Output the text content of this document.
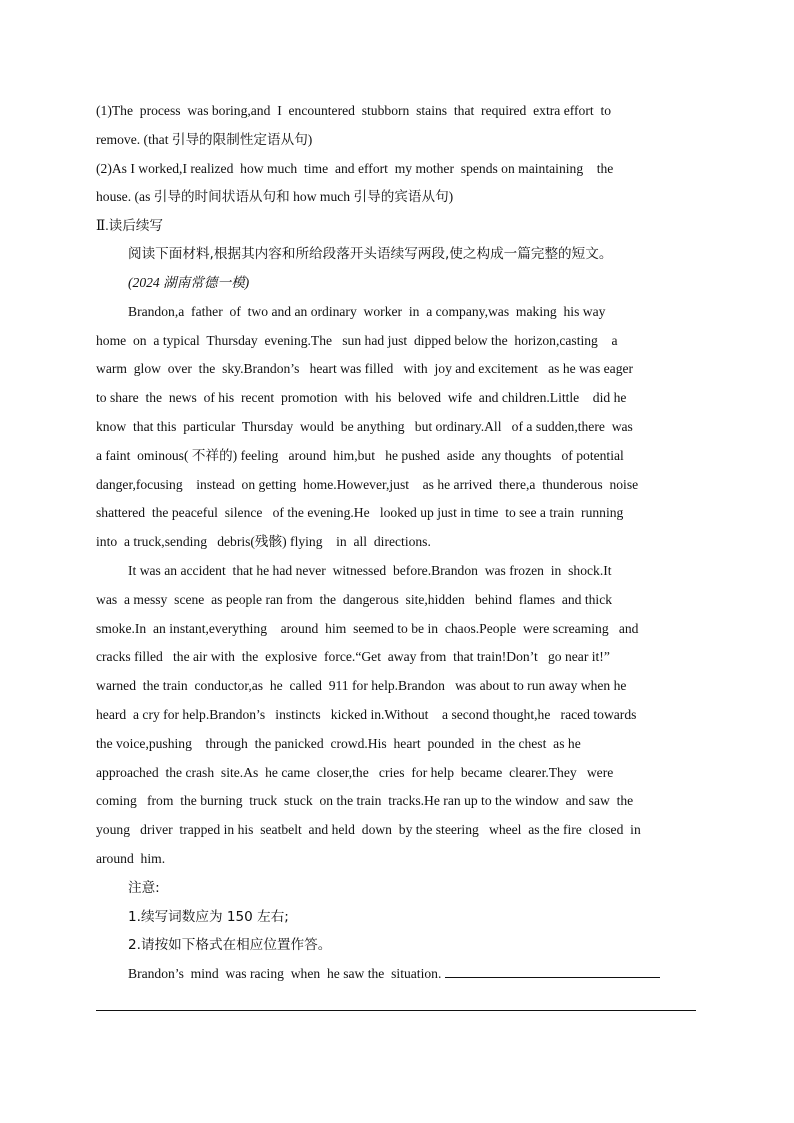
(1)The  process  was boring,and  I  encountered  stubborn  stains  that  required  extra effort  to

remove. (that 引导的限制性定语从句)

(2)As I worked,I realized  how much  time  and effort  my mother  spends on maintaining    the

house. (as 引导的时间状语从句和 how much 引导的宾语从句)

Ⅱ.读后续写

阅读下面材料,根据其内容和所给段落开头语续写两段,使之构成一篇完整的短文。

(2024 湖南常德一模)

Brandon,a  father  of  two and an ordinary  worker  in  a company,was  making  his way

home  on  a typical  Thursday  evening.The   sun had just  dipped below the  horizon,casting    a

warm  glow  over  the  sky.Brandon’s   heart was filled   with  joy and excitement   as he was eager

to share  the  news  of his  recent  promotion  with  his  beloved  wife  and children.Little    did he

know  that this  particular  Thursday  would  be anything   but ordinary.All   of a sudden,there  was

a faint  ominous( 不祥的) feeling   around  him,but   he pushed  aside  any thoughts   of potential

danger,focusing    instead  on getting  home.However,just    as he arrived  there,a  thunderous  noise

shattered  the peaceful  silence   of the evening.He   looked up just in time  to see a train  running

into  a truck,sending   debris(残骸) flying    in  all  directions.

It was an accident  that he had never  witnessed  before.Brandon  was frozen  in  shock.It

was  a messy  scene  as people ran from  the  dangerous  site,hidden   behind  flames  and thick

smoke.In  an instant,everything    around  him  seemed to be in  chaos.People  were screaming   and

cracks filled   the air with  the  explosive  force.“Get  away from  that train!Don’t   go near it!”

warned  the train  conductor,as  he  called  911 for help.Brandon   was about to run away when he

heard  a cry for help.Brandon’s   instincts   kicked in.Without    a second thought,he   raced towards

the voice,pushing    through  the panicked  crowd.His  heart  pounded  in  the chest  as he

approached  the crash  site.As  he came  closer,the   cries  for help  became  clearer.They   were

coming   from  the burning  truck  stuck  on the train  tracks.He ran up to the window  and saw  the

young   driver  trapped in his  seatbelt  and held  down  by the steering   wheel  as the fire  closed  in

around  him.

注意:

1.续写词数应为 150 左右;

2.请按如下格式在相应位置作答。

Brandon’s  mind  was racing  when  he saw the  situation.
